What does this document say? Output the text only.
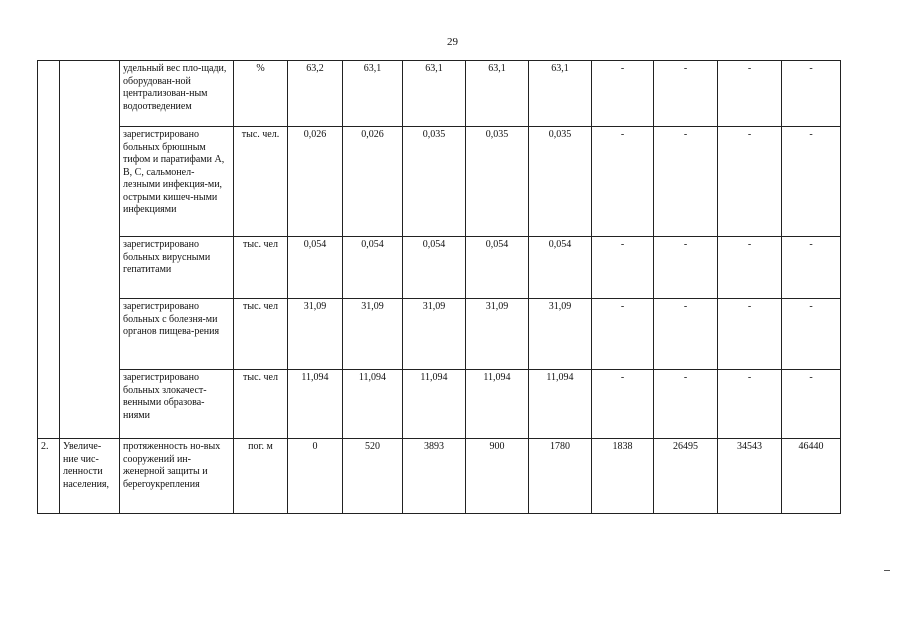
29
		удельный вес пло-щади, оборудован-ной централизован-ным водоотведением	%	63,2	63,1	63,1	63,1	63,1	-	-	-	-
		зарегистрировано больных брюшным тифом и паратифами А, В, С, сальмонел-лезными инфекция-ми, острыми кишеч-ными инфекциями	тыс. чел.	0,026	0,026	0,035	0,035	0,035	-	-	-	-
		зарегистрировано больных вирусными гепатитами	тыс. чел	0,054	0,054	0,054	0,054	0,054	-	-	-	-
		зарегистрировано больных с болезня-ми органов пищева-рения	тыс. чел	31,09	31,09	31,09	31,09	31,09	-	-	-	-
		зарегистрировано больных злокачест-венными образова-ниями	тыс. чел	11,094	11,094	11,094	11,094	11,094	-	-	-	-
2.	Увеличе-ние чис-ленности населения,	протяженность но-вых сооружений ин-женерной защиты и берегоукрепления	пог. м	0	520	3893	900	1780	1838	26495	34543	46440
